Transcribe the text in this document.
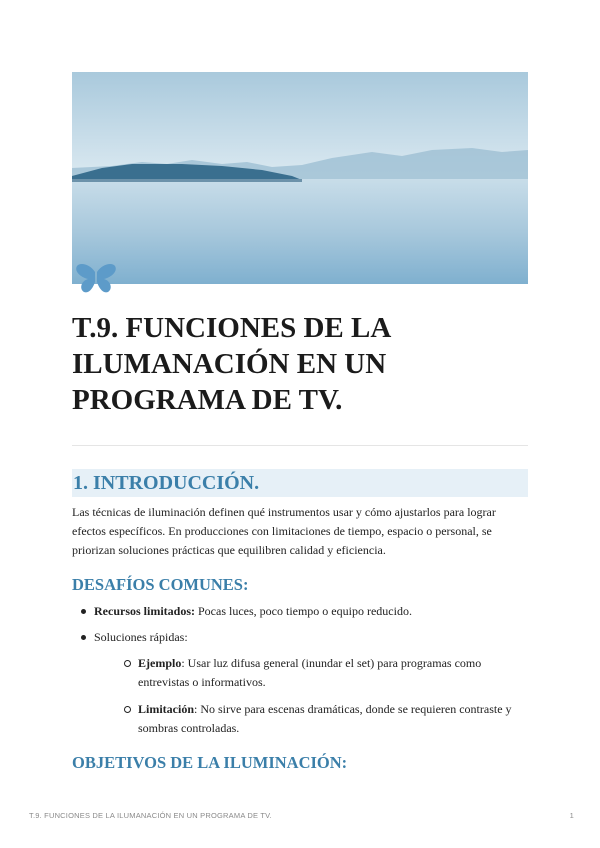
T.9. FUNCIONES DE LA
ILUMANACIÓN EN UN
PROGRAMA DE TV.
1. INTRODUCCIÓN.

Las técnicas de iluminación definen qué instrumentos usar y cómo ajustarlos para lograr efectos específicos. En producciones con limitaciones de tiempo, espacio o personal, se priorizan soluciones prácticas que equilibren calidad y eficiencia.

DESAFÍOS COMUNES:
Recursos limitados: Pocas luces, poco tiempo o equipo reducido.
Soluciones rápidas:
Ejemplo: Usar luz difusa general (inundar el set) para programas como entrevistas o informativos.
Limitación: No sirve para escenas dramáticas, donde se requieren contraste y sombras controladas.
OBJETIVOS DE LA ILUMINACIÓN:
T.9. FUNCIONES DE LA ILUMANACIÓN EN UN PROGRAMA DE TV.	1
